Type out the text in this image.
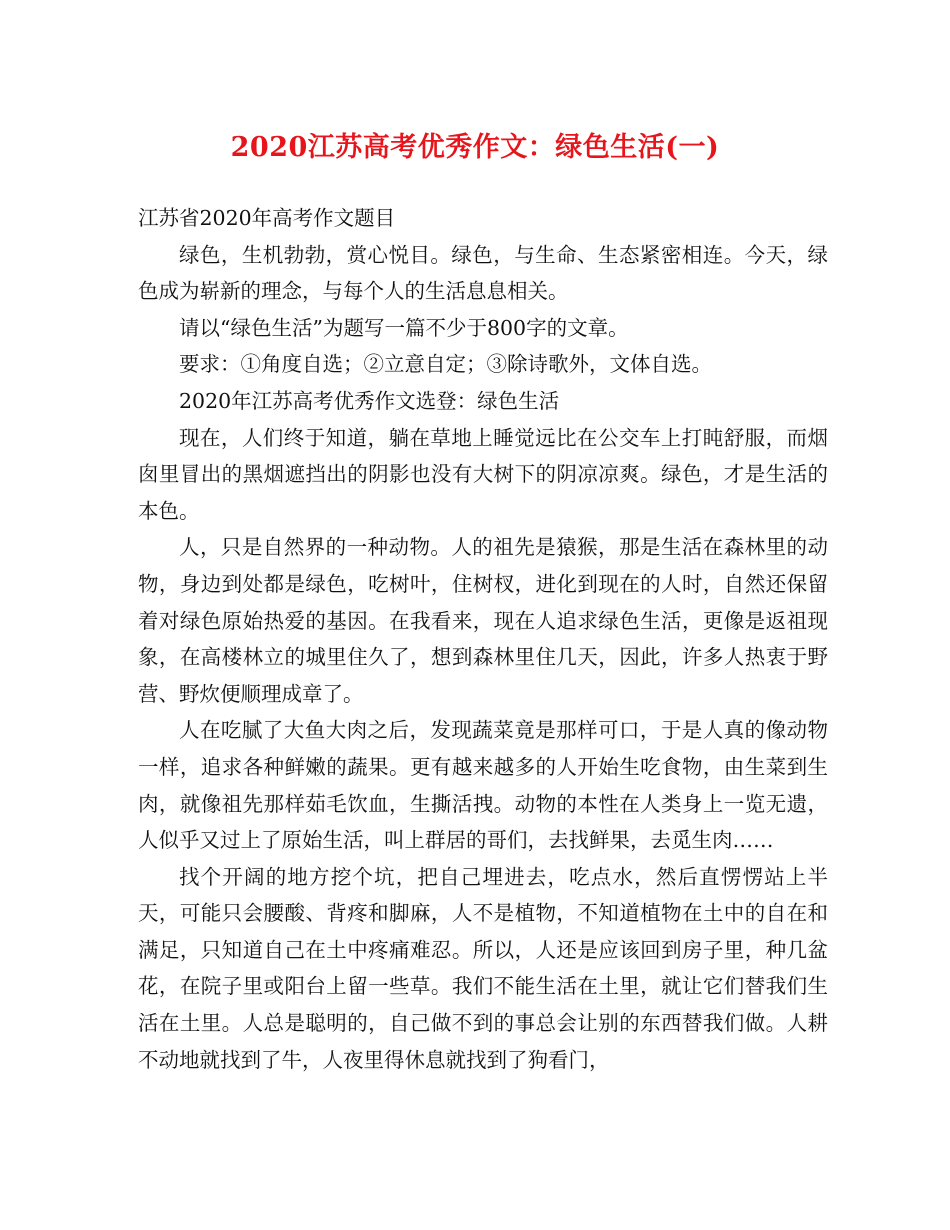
2020江苏高考优秀作文：绿色生活(一)

江苏省2020年高考作文题目

绿色，生机勃勃，赏心悦目。绿色，与生命、生态紧密相连。今天，绿色成为崭新的理念，与每个人的生活息息相关。

请以“绿色生活”为题写一篇不少于800字的文章。

要求：①角度自选；②立意自定；③除诗歌外，文体自选。

2020年江苏高考优秀作文选登：绿色生活

现在，人们终于知道，躺在草地上睡觉远比在公交车上打盹舒服，而烟囱里冒出的黑烟遮挡出的阴影也没有大树下的阴凉凉爽。绿色，才是生活的本色。

人，只是自然界的一种动物。人的祖先是猿猴，那是生活在森林里的动物，身边到处都是绿色，吃树叶，住树杈，进化到现在的人时，自然还保留着对绿色原始热爱的基因。在我看来，现在人追求绿色生活，更像是返祖现象，在高楼林立的城里住久了，想到森林里住几天，因此，许多人热衷于野营、野炊便顺理成章了。

人在吃腻了大鱼大肉之后，发现蔬菜竟是那样可口，于是人真的像动物一样，追求各种鲜嫩的蔬果。更有越来越多的人开始生吃食物，由生菜到生肉，就像祖先那样茹毛饮血，生撕活拽。动物的本性在人类身上一览无遗，人似乎又过上了原始生活，叫上群居的哥们，去找鲜果，去觅生肉……

找个开阔的地方挖个坑，把自己埋进去，吃点水，然后直愣愣站上半天，可能只会腰酸、背疼和脚麻，人不是植物，不知道植物在土中的自在和满足，只知道自己在土中疼痛难忍。所以，人还是应该回到房子里，种几盆花，在院子里或阳台上留一些草。我们不能生活在土里，就让它们替我们生活在土里。人总是聪明的，自己做不到的事总会让别的东西替我们做。人耕不动地就找到了牛，人夜里得休息就找到了狗看门，
